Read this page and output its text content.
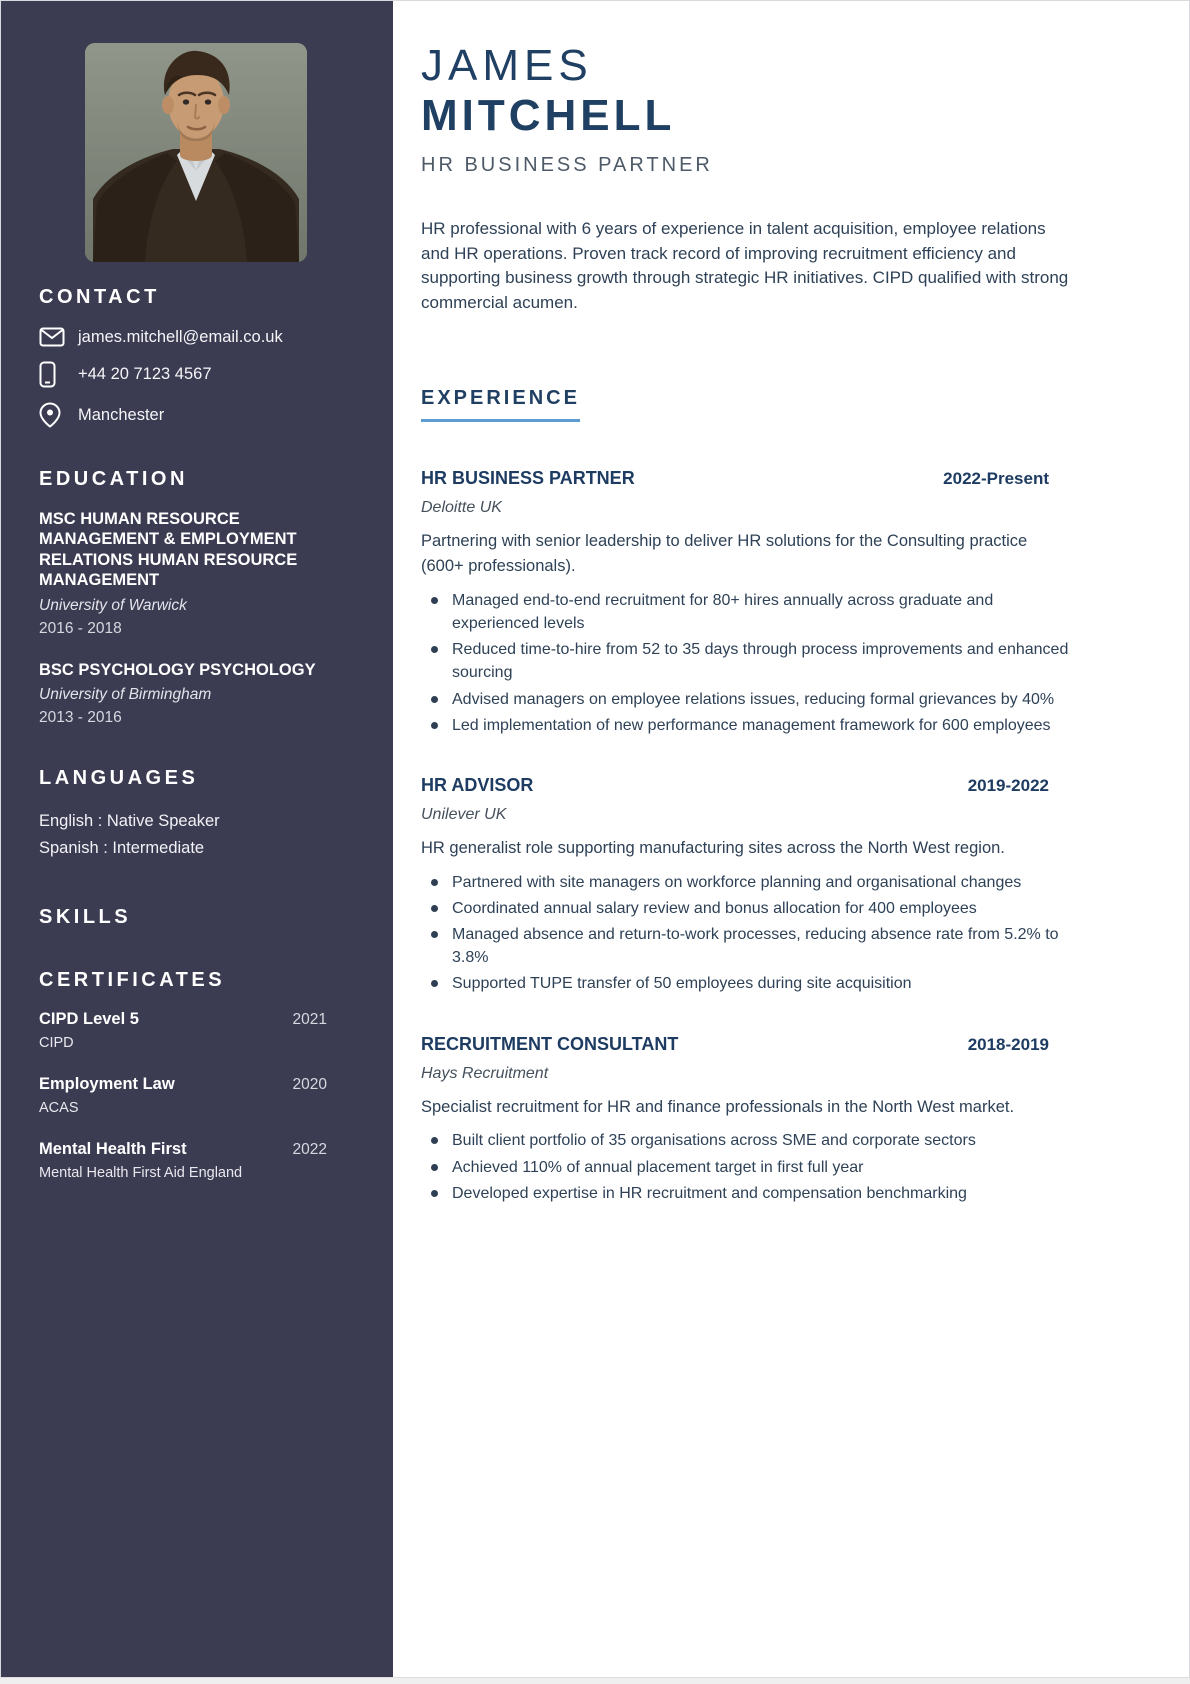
CONTACT
james.mitchell@email.co.uk
+44 20 7123 4567
Manchester
EDUCATION
MSC HUMAN RESOURCE MANAGEMENT & EMPLOYMENT RELATIONS HUMAN RESOURCE MANAGEMENT
University of Warwick
2016 - 2018
BSC PSYCHOLOGY PSYCHOLOGY
University of Birmingham
2013 - 2016
LANGUAGES
English : Native Speaker
Spanish : Intermediate
SKILLS
CERTIFICATES
CIPD Level 5	2021
CIPD
Employment Law	2020
ACAS
Mental Health First	2022
Mental Health First Aid England
JAMES
MITCHELL
HR BUSINESS PARTNER

HR professional with 6 years of experience in talent acquisition, employee relations and HR operations. Proven track record of improving recruitment efficiency and supporting business growth through strategic HR initiatives. CIPD qualified with strong commercial acumen.

EXPERIENCE
HR BUSINESS PARTNER	2022-Present
Deloitte UK
Partnering with senior leadership to deliver HR solutions for the Consulting practice (600+ professionals).
Managed end-to-end recruitment for 80+ hires annually across graduate and experienced levels
Reduced time-to-hire from 52 to 35 days through process improvements and enhanced sourcing
Advised managers on employee relations issues, reducing formal grievances by 40%
Led implementation of new performance management framework for 600 employees
HR ADVISOR	2019-2022
Unilever UK
HR generalist role supporting manufacturing sites across the North West region.
Partnered with site managers on workforce planning and organisational changes
Coordinated annual salary review and bonus allocation for 400 employees
Managed absence and return-to-work processes, reducing absence rate from 5.2% to 3.8%
Supported TUPE transfer of 50 employees during site acquisition
RECRUITMENT CONSULTANT	2018-2019
Hays Recruitment
Specialist recruitment for HR and finance professionals in the North West market.
Built client portfolio of 35 organisations across SME and corporate sectors
Achieved 110% of annual placement target in first full year
Developed expertise in HR recruitment and compensation benchmarking
